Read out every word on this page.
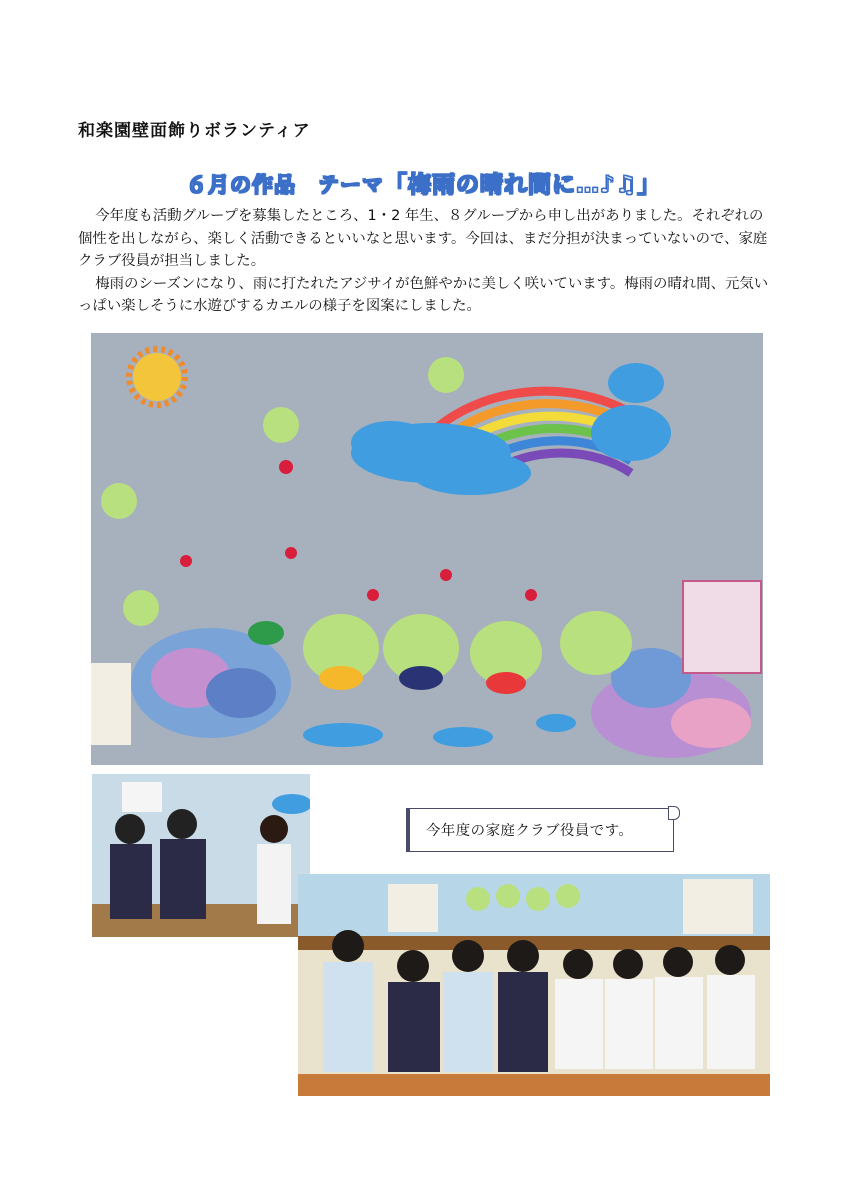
和楽園壁面飾りボランティア
６月の作品　テーマ「梅雨の晴れ間に…♪♫」

今年度も活動グループを募集したところ、1・2 年生、８グループから申し出がありました。それぞれの個性を出しながら、楽しく活動できるといいなと思います。今回は、まだ分担が決まっていないので、家庭クラブ役員が担当しました。

梅雨のシーズンになり、雨に打たれたアジサイが色鮮やかに美しく咲いています。梅雨の晴れ間、元気いっぱい楽しそうに水遊びするカエルの様子を図案にしました。

今年度の家庭クラブ役員です。
